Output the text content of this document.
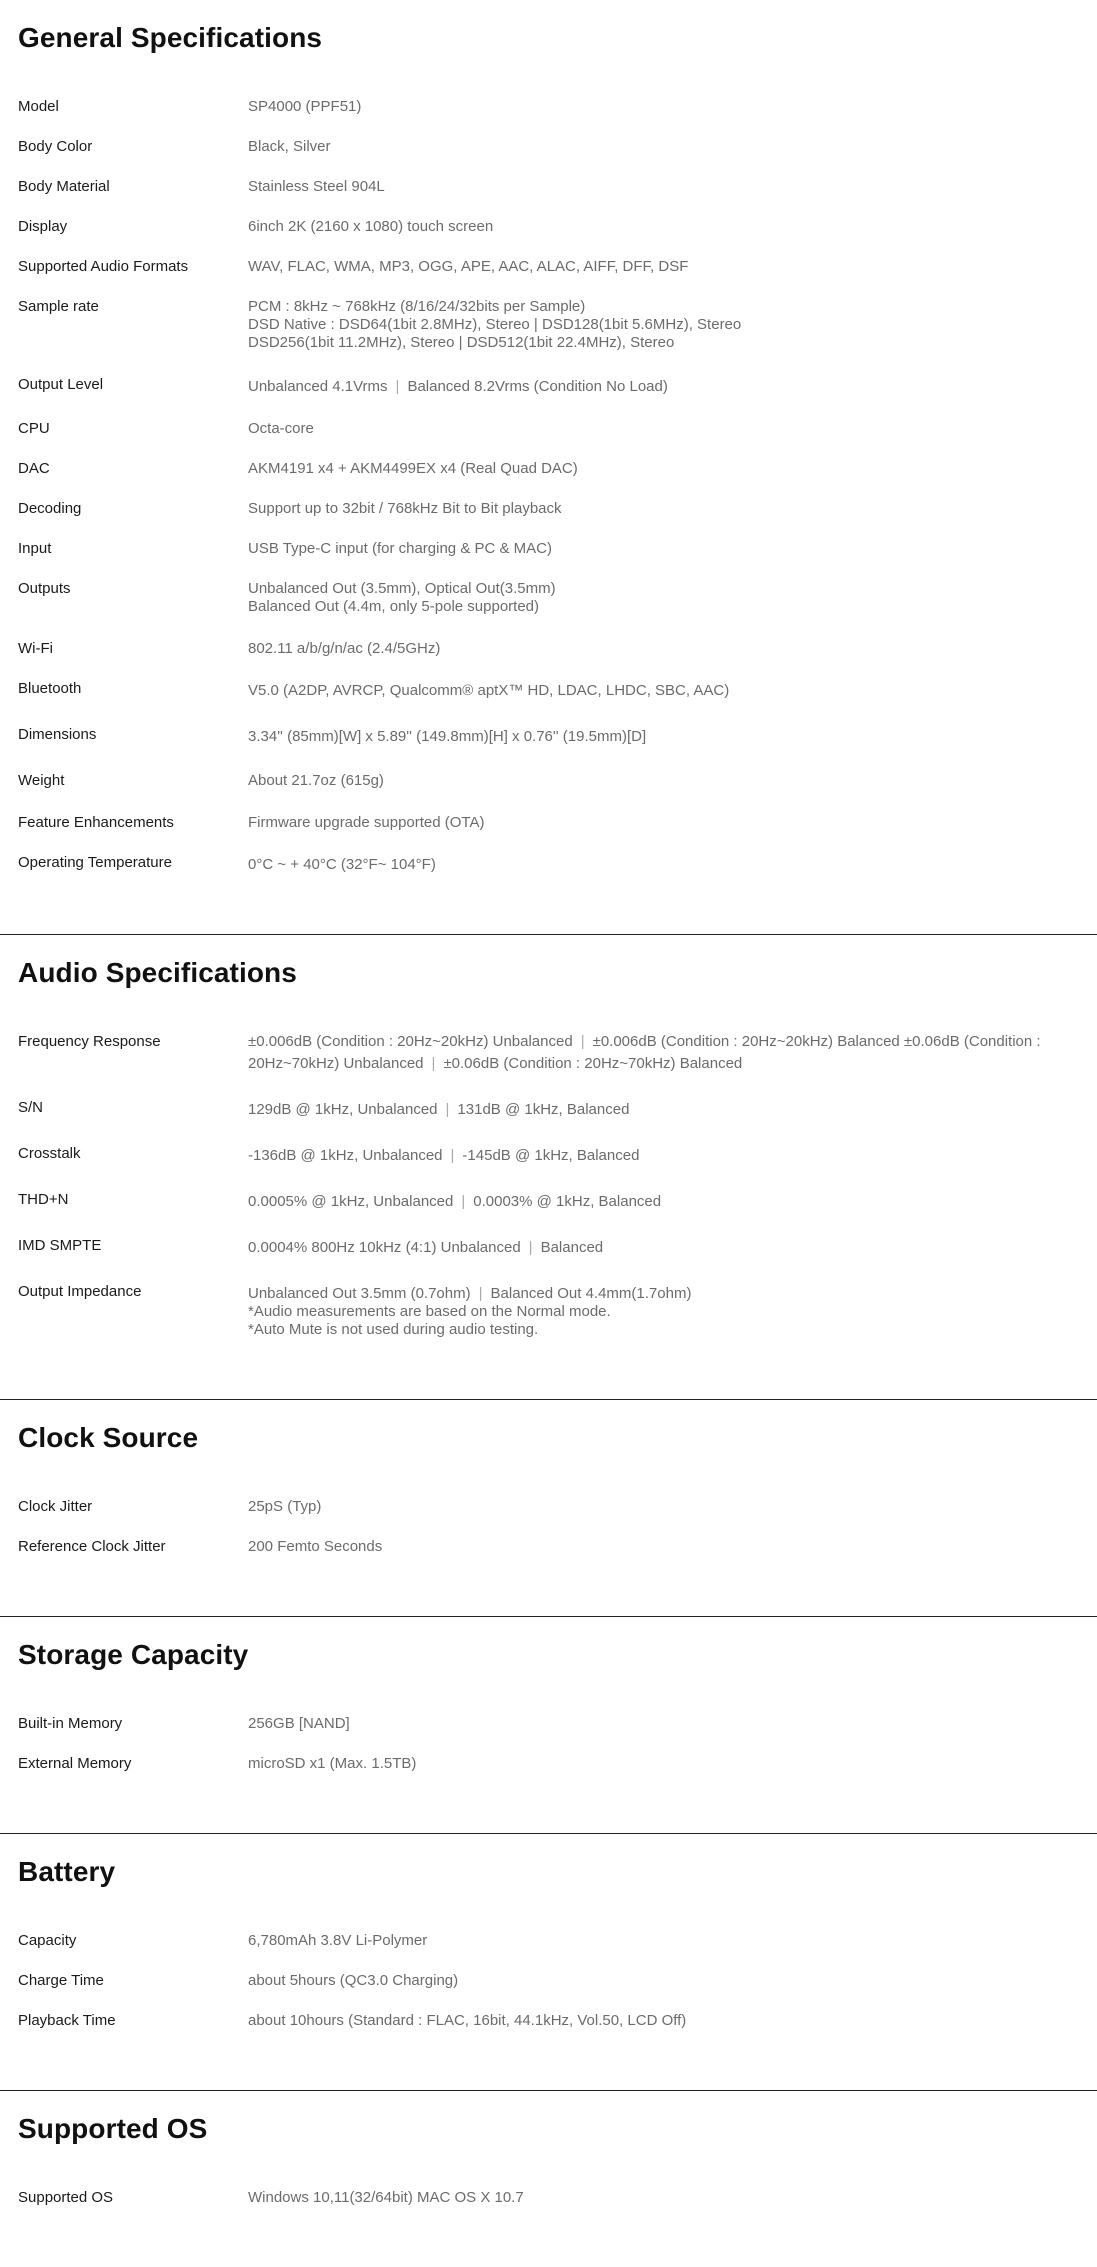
General Specifications
Model	SP4000 (PPF51)
Body Color	Black, Silver
Body Material	Stainless Steel 904L
Display	6inch 2K (2160 x 1080) touch screen
Supported Audio Formats	WAV, FLAC, WMA, MP3, OGG, APE, AAC, ALAC, AIFF, DFF, DSF
Sample rate	PCM : 8kHz ~ 768kHz (8/16/24/32bits per Sample)
DSD Native : DSD64(1bit 2.8MHz), Stereo | DSD128(1bit 5.6MHz), Stereo
DSD256(1bit 11.2MHz), Stereo | DSD512(1bit 22.4MHz), Stereo
Output Level	Unbalanced 4.1Vrms | Balanced 8.2Vrms (Condition No Load)
CPU	Octa-core
DAC	AKM4191 x4 + AKM4499EX x4 (Real Quad DAC)
Decoding	Support up to 32bit / 768kHz Bit to Bit playback
Input	USB Type-C input (for charging & PC & MAC)
Outputs	Unbalanced Out (3.5mm), Optical Out(3.5mm)
Balanced Out (4.4m, only 5-pole supported)
Wi-Fi	802.11 a/b/g/n/ac (2.4/5GHz)
Bluetooth	V5.0 (A2DP, AVRCP, Qualcomm® aptX™ HD, LDAC, LHDC, SBC, AAC)
Dimensions	3.34'' (85mm)[W] x 5.89'' (149.8mm)[H] x 0.76'' (19.5mm)[D]
Weight	About 21.7oz (615g)
Feature Enhancements	Firmware upgrade supported (OTA)
Operating Temperature	0°C ~ + 40°C (32°F~ 104°F)
Audio Specifications
Frequency Response	±0.006dB (Condition : 20Hz~20kHz) Unbalanced | ±0.006dB (Condition : 20Hz~20kHz) Balanced ±0.06dB (Condition : 20Hz~70kHz) Unbalanced | ±0.06dB (Condition : 20Hz~70kHz) Balanced
S/N	129dB @ 1kHz, Unbalanced | 131dB @ 1kHz, Balanced
Crosstalk	-136dB @ 1kHz, Unbalanced | -145dB @ 1kHz, Balanced
THD+N	0.0005% @ 1kHz, Unbalanced | 0.0003% @ 1kHz, Balanced
IMD SMPTE	0.0004% 800Hz 10kHz (4:1) Unbalanced | Balanced
Output Impedance	Unbalanced Out 3.5mm (0.7ohm) | Balanced Out 4.4mm(1.7ohm)
*Audio measurements are based on the Normal mode.
*Auto Mute is not used during audio testing.
Clock Source
Clock Jitter	25pS (Typ)
Reference Clock Jitter	200 Femto Seconds
Storage Capacity
Built-in Memory	256GB [NAND]
External Memory	microSD x1 (Max. 1.5TB)
Battery
Capacity	6,780mAh 3.8V Li-Polymer
Charge Time	about 5hours (QC3.0 Charging)
Playback Time	about 10hours (Standard : FLAC, 16bit, 44.1kHz, Vol.50, LCD Off)
Supported OS
Supported OS	Windows 10,11(32/64bit) MAC OS X 10.7
